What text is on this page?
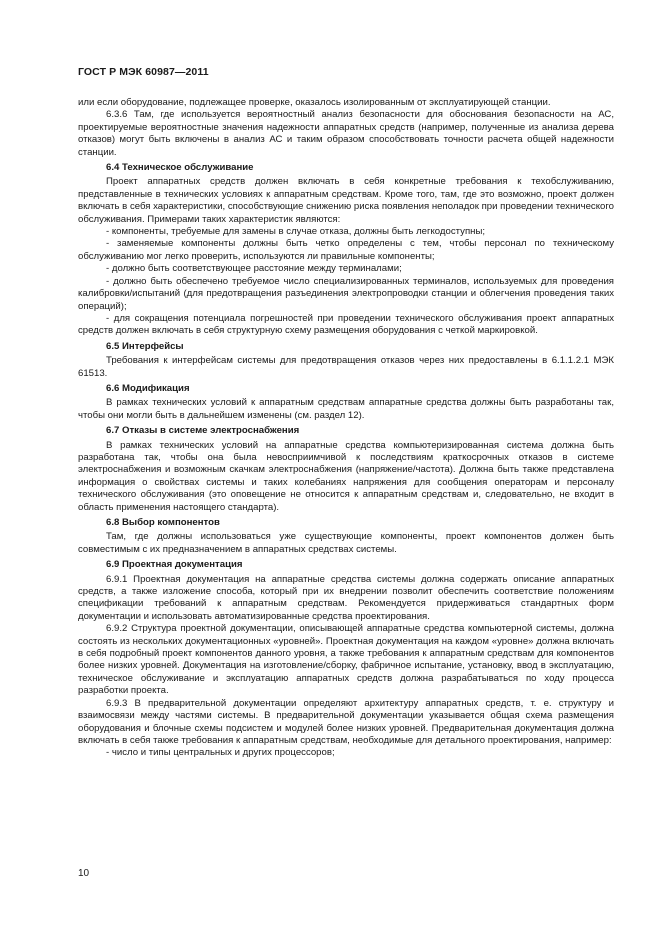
ГОСТ Р МЭК 60987—2011

или если оборудование, подлежащее проверке, оказалось изолированным от эксплуатирующей станции.

6.3.6 Там, где используется вероятностный анализ безопасности для обоснования безопасности на АС, проектируемые вероятностные значения надежности аппаратных средств (например, полученные из анализа дерева отказов) могут быть включены в анализ АС и таким образом способствовать точности расчета общей надежности станции.

6.4 Техническое обслуживание

Проект аппаратных средств должен включать в себя конкретные требования к техобслуживанию, представленные в технических условиях к аппаратным средствам. Кроме того, там, где это возможно, проект должен включать в себя характеристики, способствующие снижению риска появления неполадок при проведении технического обслуживания. Примерами таких характеристик являются:

- компоненты, требуемые для замены в случае отказа, должны быть легкодоступны;

- заменяемые компоненты должны быть четко определены с тем, чтобы персонал по техническому обслуживанию мог легко проверить, используются ли правильные компоненты;

- должно быть соответствующее расстояние между терминалами;

- должно быть обеспечено требуемое число специализированных терминалов, используемых для проведения калибровки/испытаний (для предотвращения разъединения электропроводки станции и облегчения проведения таких операций);

- для сокращения потенциала погрешностей при проведении технического обслуживания проект аппаратных средств должен включать в себя структурную схему размещения оборудования с четкой маркировкой.

6.5 Интерфейсы

Требования к интерфейсам системы для предотвращения отказов через них предоставлены в 6.1.1.2.1 МЭК 61513.

6.6 Модификация

В рамках технических условий к аппаратным средствам аппаратные средства должны быть разработаны так, чтобы они могли быть в дальнейшем изменены (см. раздел 12).

6.7 Отказы в системе электроснабжения

В рамках технических условий на аппаратные средства компьютеризированная система должна быть разработана так, чтобы она была невосприимчивой к последствиям краткосрочных отказов в системе электроснабжения и возможным скачкам электроснабжения (напряжение/частота). Должна быть также представлена информация о свойствах системы и таких колебаниях напряжения для сообщения операторам и персоналу технического обслуживания (это оповещение не относится к аппаратным средствам и, следовательно, не входит в область применения настоящего стандарта).

6.8 Выбор компонентов

Там, где должны использоваться уже существующие компоненты, проект компонентов должен быть совместимым с их предназначением в аппаратных средствах системы.

6.9 Проектная документация

6.9.1 Проектная документация на аппаратные средства системы должна содержать описание аппаратных средств, а также изложение способа, который при их внедрении позволит обеспечить соответствие положениям спецификации требований к аппаратным средствам. Рекомендуется придерживаться стандартных форм документации и использовать автоматизированные средства проектирования.

6.9.2 Структура проектной документации, описывающей аппаратные средства компьютерной системы, должна состоять из нескольких документационных «уровней». Проектная документация на каждом «уровне» должна включать в себя подробный проект компонентов данного уровня, а также требования к аппаратным средствам для компонентов более низких уровней. Документация на изготовление/сборку, фабричное испытание, установку, ввод в эксплуатацию, техническое обслуживание и эксплуатацию аппаратных средств должна разрабатываться по ходу процесса разработки проекта.

6.9.3 В предварительной документации определяют архитектуру аппаратных средств, т. е. структуру и взаимосвязи между частями системы. В предварительной документации указывается общая схема размещения оборудования и блочные схемы подсистем и модулей более низких уровней. Предварительная документация должна включать в себя также требования к аппаратным средствам, необходимые для детального проектирования, например:

- число и типы центральных и других процессоров;

10
